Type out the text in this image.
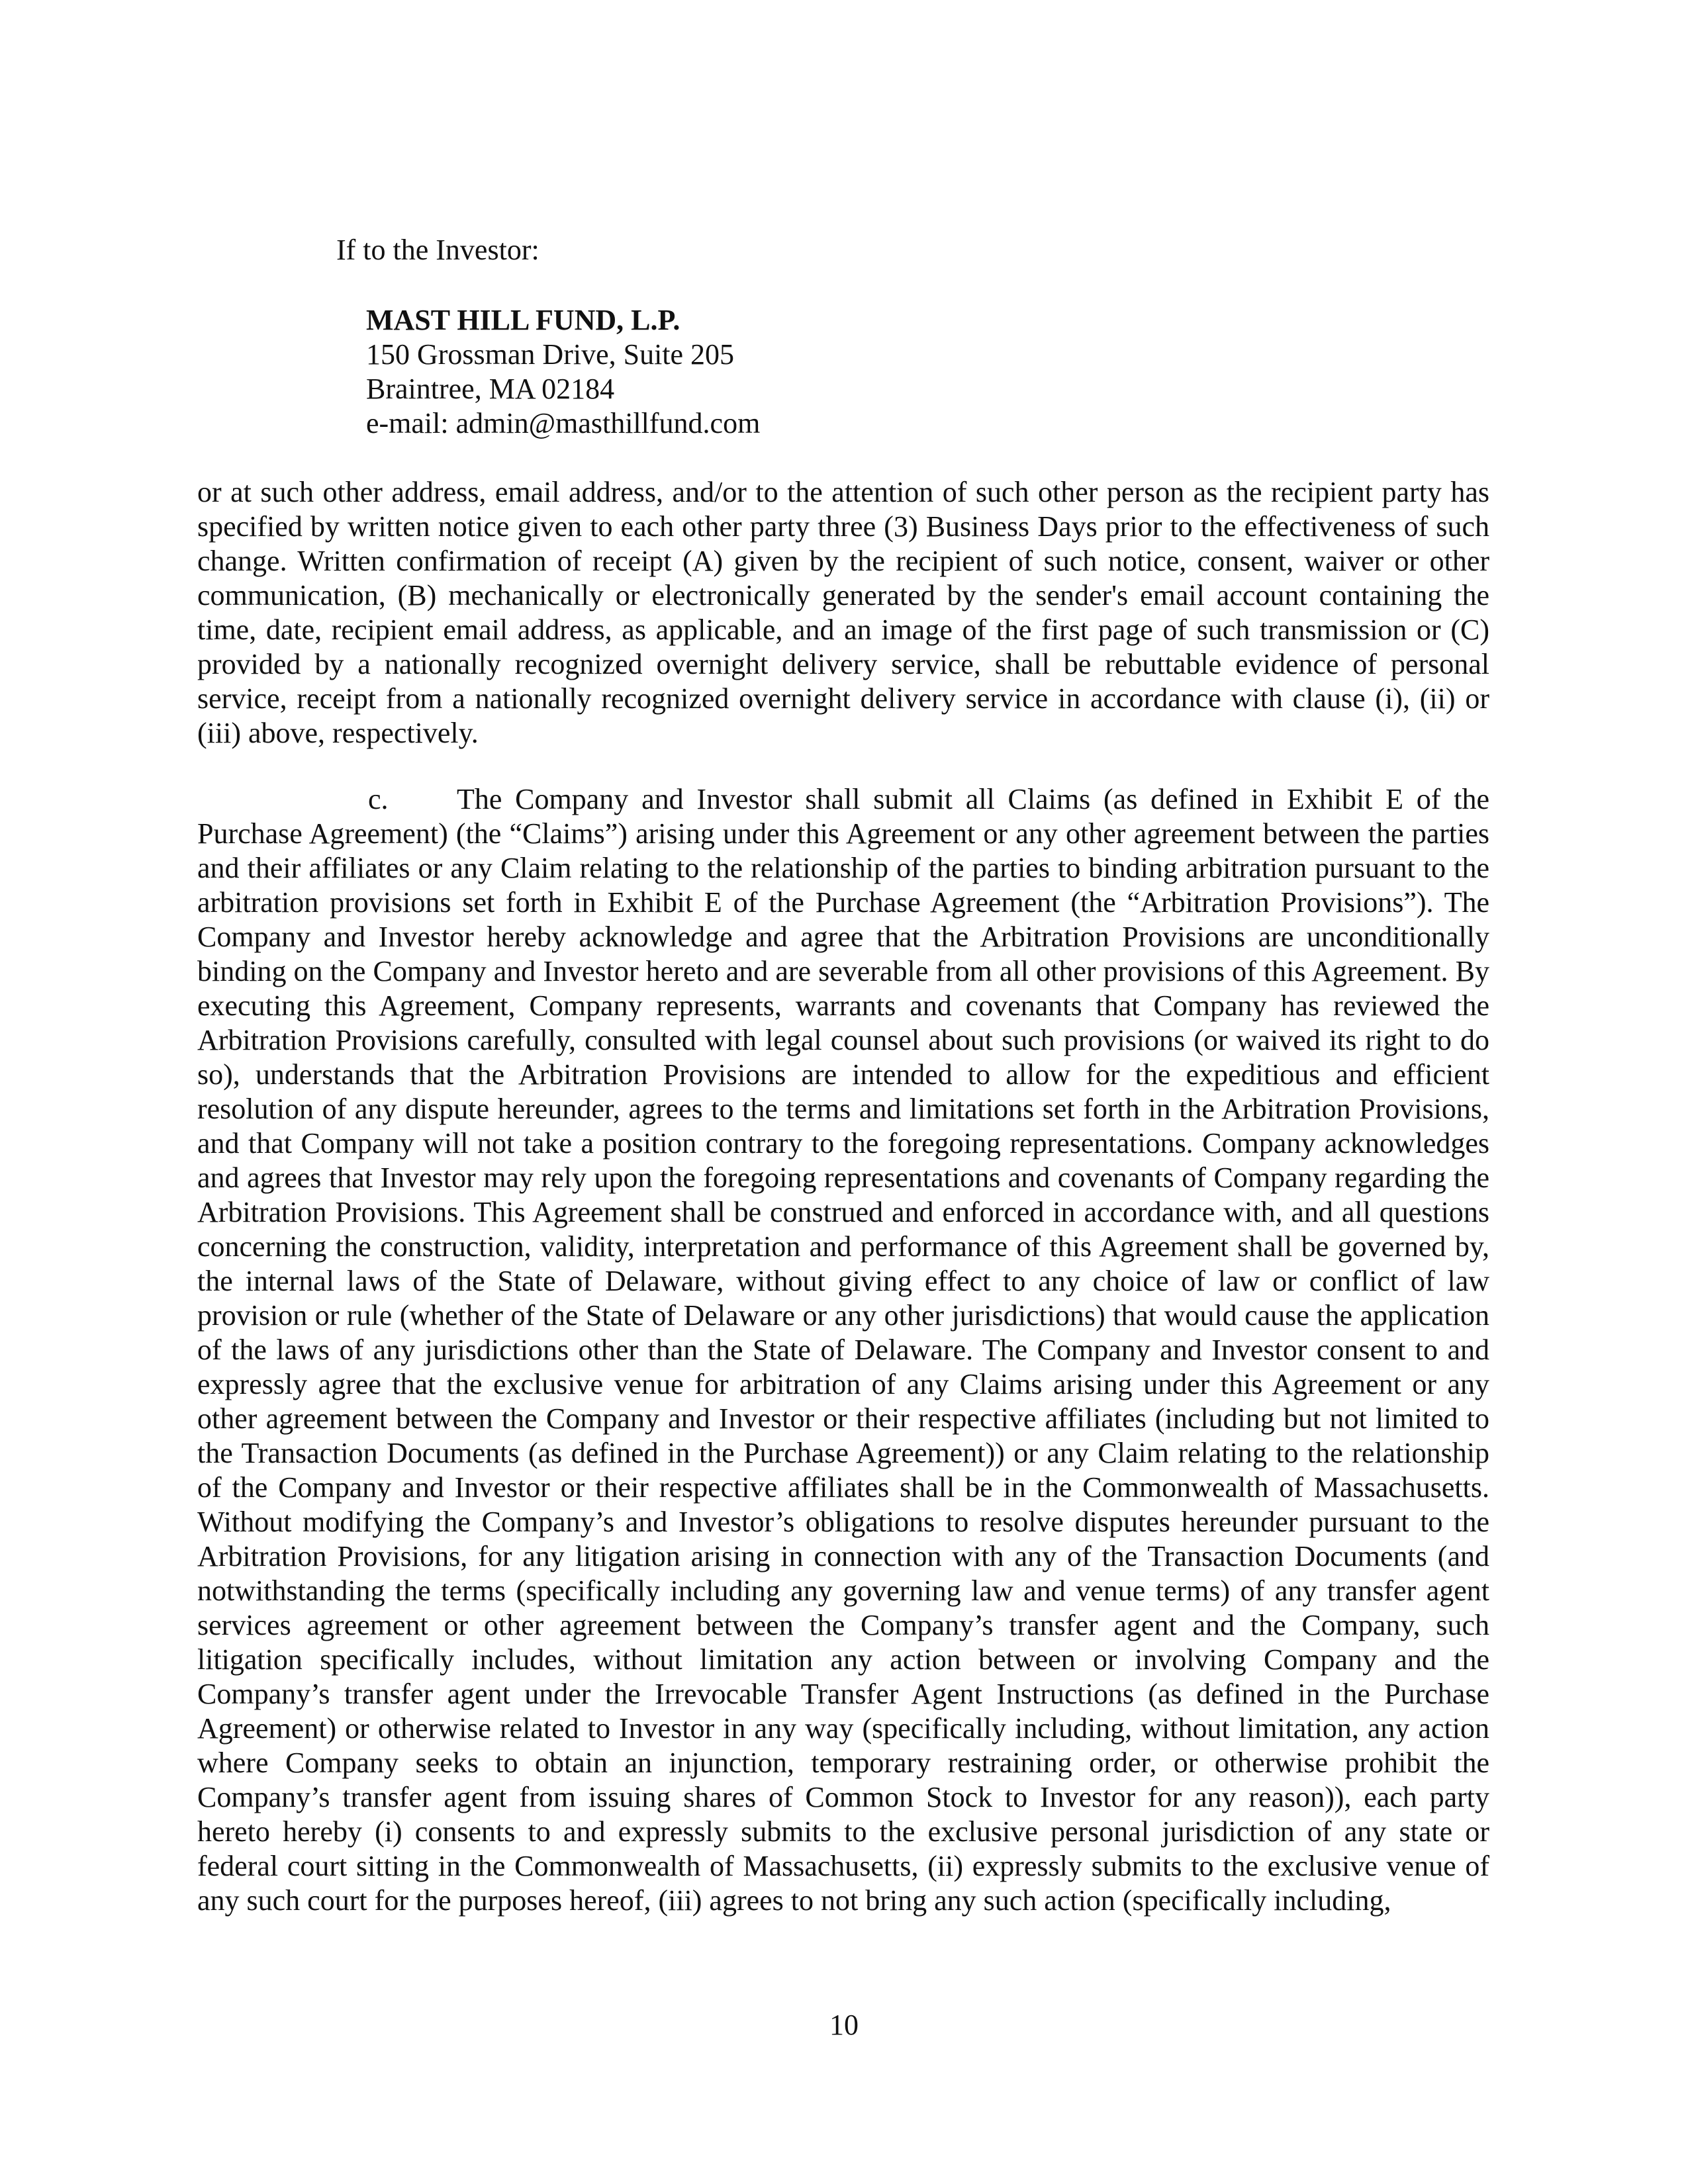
If to the Investor:
MAST HILL FUND, L.P.
150 Grossman Drive, Suite 205
Braintree, MA 02184
e-mail: admin@masthillfund.com

or at such other address, email address, and/or to the attention of such other person as the recipient party has specified by written notice given to each other party three (3) Business Days prior to the effectiveness of such change. Written confirmation of receipt (A) given by the recipient of such notice, consent, waiver or other communication, (B) mechanically or electronically generated by the sender's email account containing the time, date, recipient email address, as applicable, and an image of the first page of such transmission or (C) provided by a nationally recognized overnight delivery service, shall be rebuttable evidence of personal service, receipt from a nationally recognized overnight delivery service in accordance with clause (i), (ii) or (iii) above, respectively.

c. The Company and Investor shall submit all Claims (as defined in Exhibit E of the Purchase Agreement) (the “Claims”) arising under this Agreement or any other agreement between the parties and their affiliates or any Claim relating to the relationship of the parties to binding arbitration pursuant to the arbitration provisions set forth in Exhibit E of the Purchase Agreement (the “Arbitration Provisions”). The Company and Investor hereby acknowledge and agree that the Arbitration Provisions are unconditionally binding on the Company and Investor hereto and are severable from all other provisions of this Agreement. By executing this Agreement, Company represents, warrants and covenants that Company has reviewed the Arbitration Provisions carefully, consulted with legal counsel about such provisions (or waived its right to do so), understands that the Arbitration Provisions are intended to allow for the expeditious and efficient resolution of any dispute hereunder, agrees to the terms and limitations set forth in the Arbitration Provisions, and that Company will not take a position contrary to the foregoing representations. Company acknowledges and agrees that Investor may rely upon the foregoing representations and covenants of Company regarding the Arbitration Provisions. This Agreement shall be construed and enforced in accordance with, and all questions concerning the construction, validity, interpretation and performance of this Agreement shall be governed by, the internal laws of the State of Delaware, without giving effect to any choice of law or conflict of law provision or rule (whether of the State of Delaware or any other jurisdictions) that would cause the application of the laws of any jurisdictions other than the State of Delaware. The Company and Investor consent to and expressly agree that the exclusive venue for arbitration of any Claims arising under this Agreement or any other agreement between the Company and Investor or their respective affiliates (including but not limited to the Transaction Documents (as defined in the Purchase Agreement)) or any Claim relating to the relationship of the Company and Investor or their respective affiliates shall be in the Commonwealth of Massachusetts. Without modifying the Company’s and Investor’s obligations to resolve disputes hereunder pursuant to the Arbitration Provisions, for any litigation arising in connection with any of the Transaction Documents (and notwithstanding the terms (specifically including any governing law and venue terms) of any transfer agent services agreement or other agreement between the Company’s transfer agent and the Company, such litigation specifically includes, without limitation any action between or involving Company and the Company’s transfer agent under the Irrevocable Transfer Agent Instructions (as defined in the Purchase Agreement) or otherwise related to Investor in any way (specifically including, without limitation, any action where Company seeks to obtain an injunction, temporary restraining order, or otherwise prohibit the Company’s transfer agent from issuing shares of Common Stock to Investor for any reason)), each party hereto hereby (i) consents to and expressly submits to the exclusive personal jurisdiction of any state or federal court sitting in the Commonwealth of Massachusetts, (ii) expressly submits to the exclusive venue of any such court for the purposes hereof, (iii) agrees to not bring any such action (specifically including,

10
